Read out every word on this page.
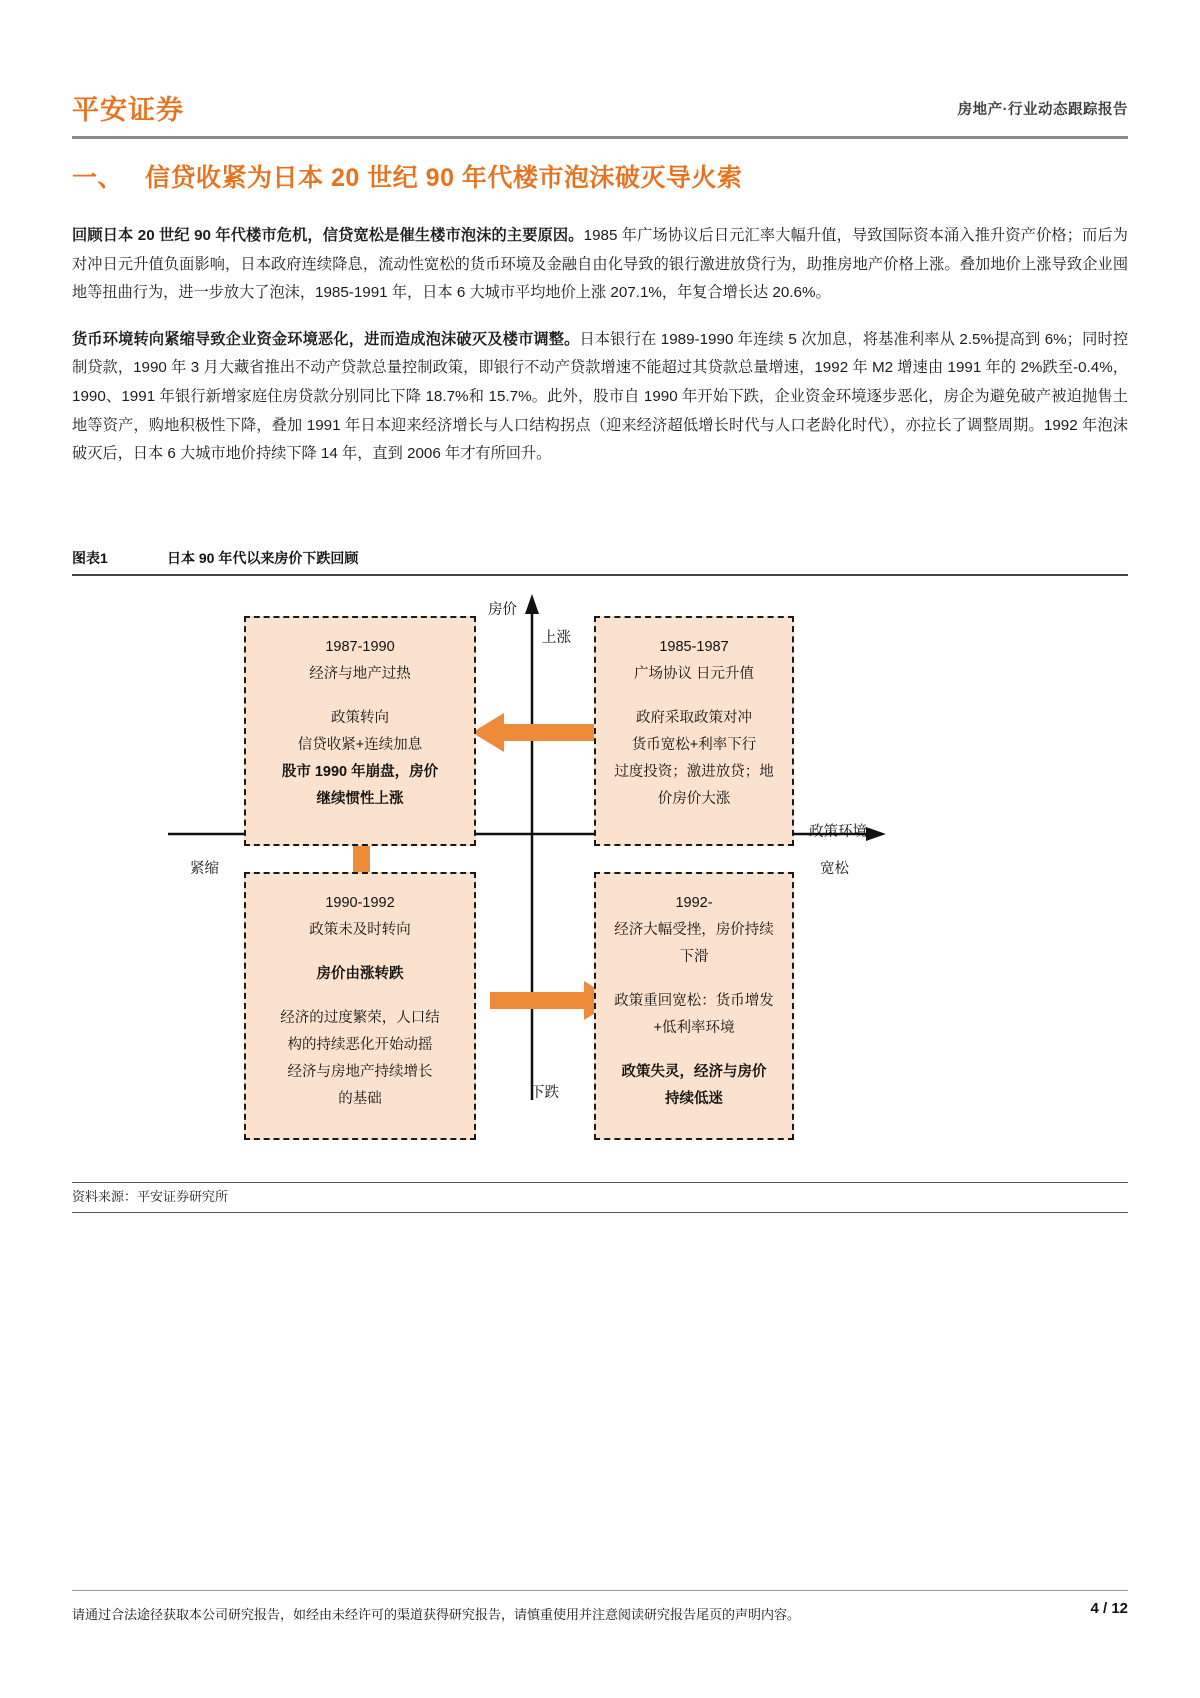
平安证券	房地产·行业动态跟踪报告
一、 信贷收紧为日本 20 世纪 90 年代楼市泡沫破灭导火索

回顾日本 20 世纪 90 年代楼市危机，信贷宽松是催生楼市泡沫的主要原因。1985 年广场协议后日元汇率大幅升值，导致国际资本涌入推升资产价格；而后为对冲日元升值负面影响，日本政府连续降息，流动性宽松的货币环境及金融自由化导致的银行激进放贷行为，助推房地产价格上涨。叠加地价上涨导致企业囤地等扭曲行为，进一步放大了泡沫，1985-1991 年，日本 6 大城市平均地价上涨 207.1%，年复合增长达 20.6%。

货币环境转向紧缩导致企业资金环境恶化，进而造成泡沫破灭及楼市调整。日本银行在 1989-1990 年连续 5 次加息，将基准利率从 2.5%提高到 6%；同时控制贷款，1990 年 3 月大藏省推出不动产贷款总量控制政策，即银行不动产贷款增速不能超过其贷款总量增速，1992 年 M2 增速由 1991 年的 2%跌至-0.4%，1990、1991 年银行新增家庭住房贷款分别同比下降 18.7%和 15.7%。此外，股市自 1990 年开始下跌，企业资金环境逐步恶化，房企为避免破产被迫抛售土地等资产，购地积极性下降，叠加 1991 年日本迎来经济增长与人口结构拐点（迎来经济超低增长时代与人口老龄化时代），亦拉长了调整周期。1992 年泡沫破灭后，日本 6 大城市地价持续下降 14 年，直到 2006 年才有所回升。

图表1	日本 90 年代以来房价下跌回顾
房价
上涨
下跌
政策环境
紧缩	宽松
1987-1990
经济与地产过热
政策转向
信贷收紧+连续加息
股市 1990 年崩盘，房价
继续惯性上涨
1985-1987
广场协议 日元升值
政府采取政策对冲
货币宽松+利率下行
过度投资；激进放贷；地
价房价大涨
1990-1992
政策未及时转向
房价由涨转跌
经济的过度繁荣，人口结
构的持续恶化开始动摇
经济与房地产持续增长
的基础
1992-
经济大幅受挫，房价持续
下滑
政策重回宽松：货币增发
+低利率环境
政策失灵，经济与房价
持续低迷
资料来源：平安证券研究所
请通过合法途径获取本公司研究报告，如经由未经许可的渠道获得研究报告，请慎重使用并注意阅读研究报告尾页的声明内容。	4 / 12
